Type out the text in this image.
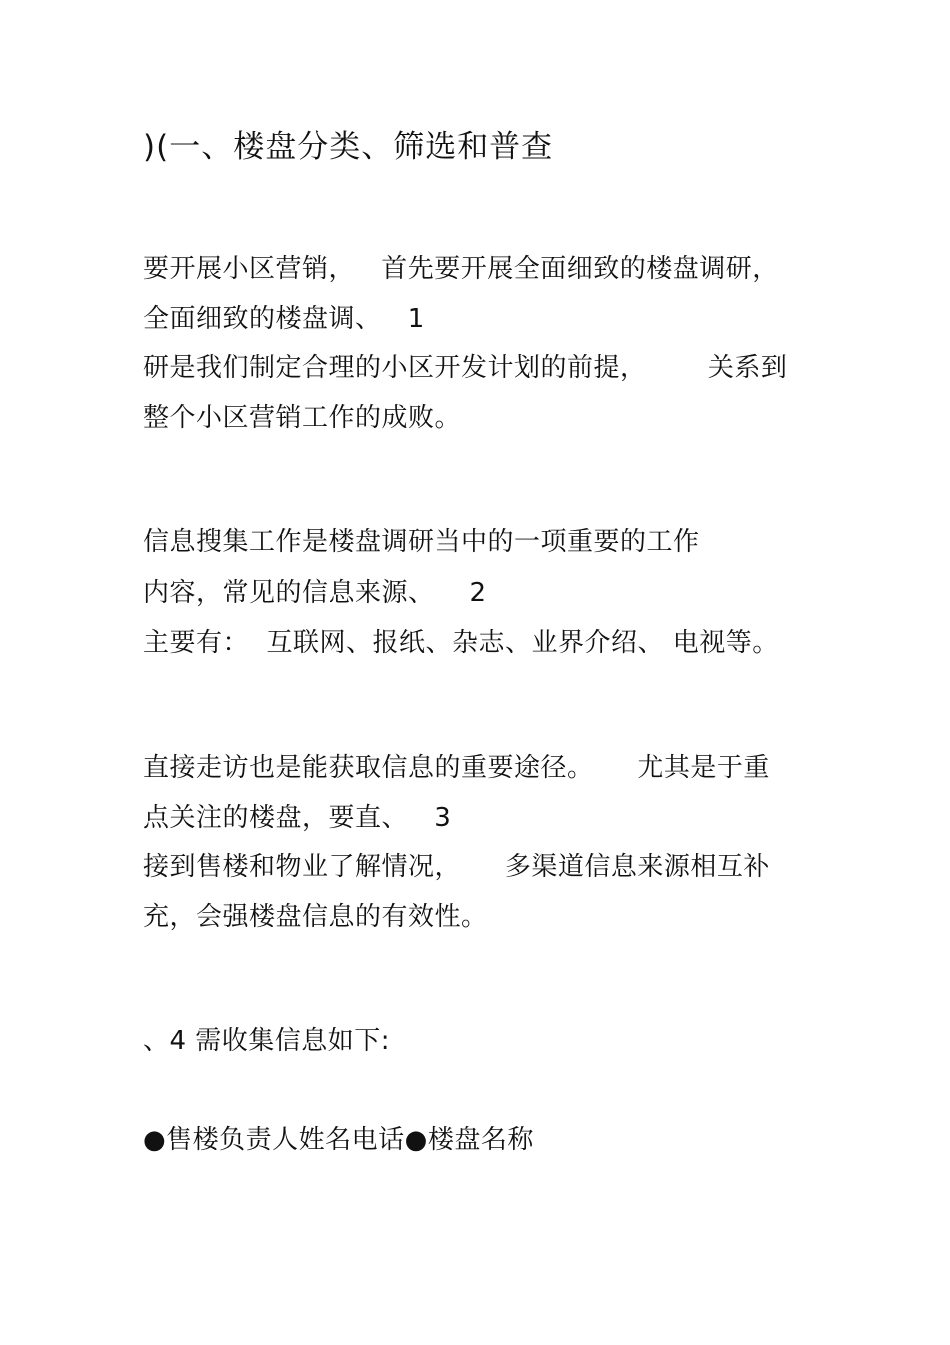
)(一、楼盘分类、筛选和普查
要开展小区营销，   首先要开展全面细致的楼盘调研，
全面细致的楼盘调、   1
研是我们制定合理的小区开发计划的前提，       关系到
整个小区营销工作的成败。
信息搜集工作是楼盘调研当中的一项重要的工作
内容，常见的信息来源、    2
主要有：  互联网、报纸、杂志、业界介绍、 电视等。
直接走访也是能获取信息的重要途径。     尤其是于重
点关注的楼盘，要直、   3
接到售楼和物业了解情况，     多渠道信息来源相互补
充，会强楼盘信息的有效性。
、4 需收集信息如下:
●售楼负责人姓名电话●楼盘名称
